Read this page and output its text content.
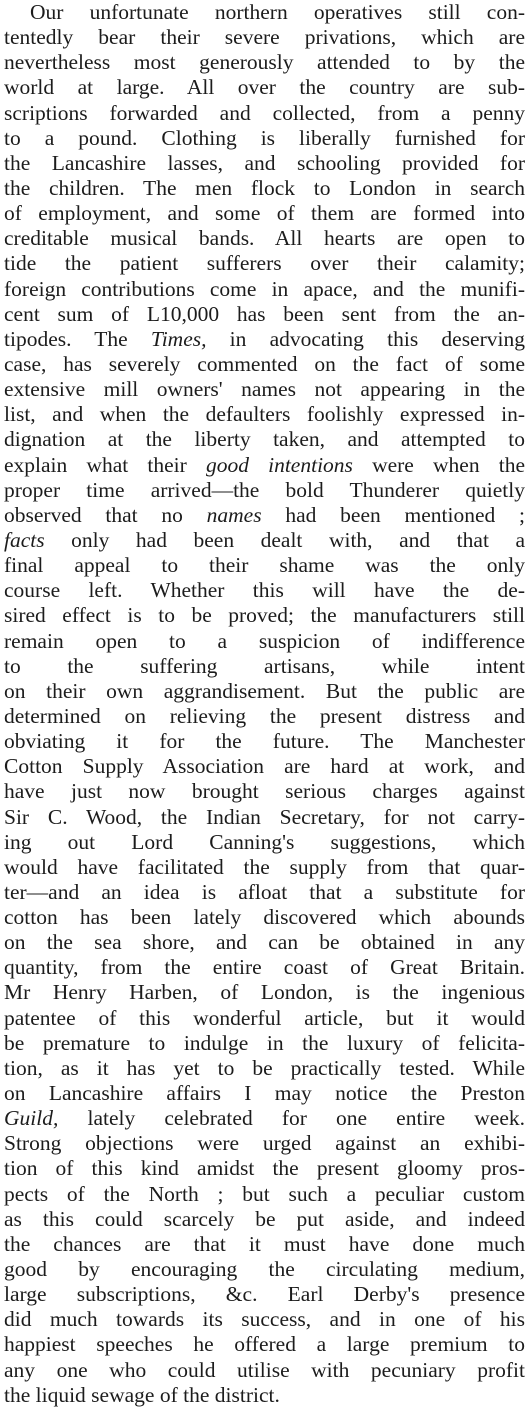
Our unfortunate northern operatives still con-
tentedly bear their severe privations, which are
nevertheless most generously attended to by the
world at large. All over the country are sub-
scriptions forwarded and collected, from a penny
to a pound. Clothing is liberally furnished for
the Lancashire lasses, and schooling provided for
the children. The men flock to London in search
of employment, and some of them are formed into
creditable musical bands. All hearts are open to
tide the patient sufferers over their calamity;
foreign contributions come in apace, and the munifi-
cent sum of L10,000 has been sent from the an-
tipodes. The Times, in advocating this deserving
case, has severely commented on the fact of some
extensive mill owners' names not appearing in the
list, and when the defaulters foolishly expressed in-
dignation at the liberty taken, and attempted to
explain what their good intentions were when the
proper time arrived—the bold Thunderer quietly
observed that no names had been mentioned ;
facts only had been dealt with, and that a
final appeal to their shame was the only
course left. Whether this will have the de-
sired effect is to be proved; the manufacturers still
remain open to a suspicion of indifference
to the suffering artisans, while intent
on their own aggrandisement. But the public are
determined on relieving the present distress and
obviating it for the future. The Manchester
Cotton Supply Association are hard at work, and
have just now brought serious charges against
Sir C. Wood, the Indian Secretary, for not carry-
ing out Lord Canning's suggestions, which
would have facilitated the supply from that quar-
ter—and an idea is afloat that a substitute for
cotton has been lately discovered which abounds
on the sea shore, and can be obtained in any
quantity, from the entire coast of Great Britain.
Mr Henry Harben, of London, is the ingenious
patentee of this wonderful article, but it would
be premature to indulge in the luxury of felicita-
tion, as it has yet to be practically tested. While
on Lancashire affairs I may notice the Preston
Guild, lately celebrated for one entire week.
Strong objections were urged against an exhibi-
tion of this kind amidst the present gloomy pros-
pects of the North ; but such a peculiar custom
as this could scarcely be put aside, and indeed
the chances are that it must have done much
good by encouraging the circulating medium,
large subscriptions, &c. Earl Derby's presence
did much towards its success, and in one of his
happiest speeches he offered a large premium to
any one who could utilise with pecuniary profit
the liquid sewage of the district.
